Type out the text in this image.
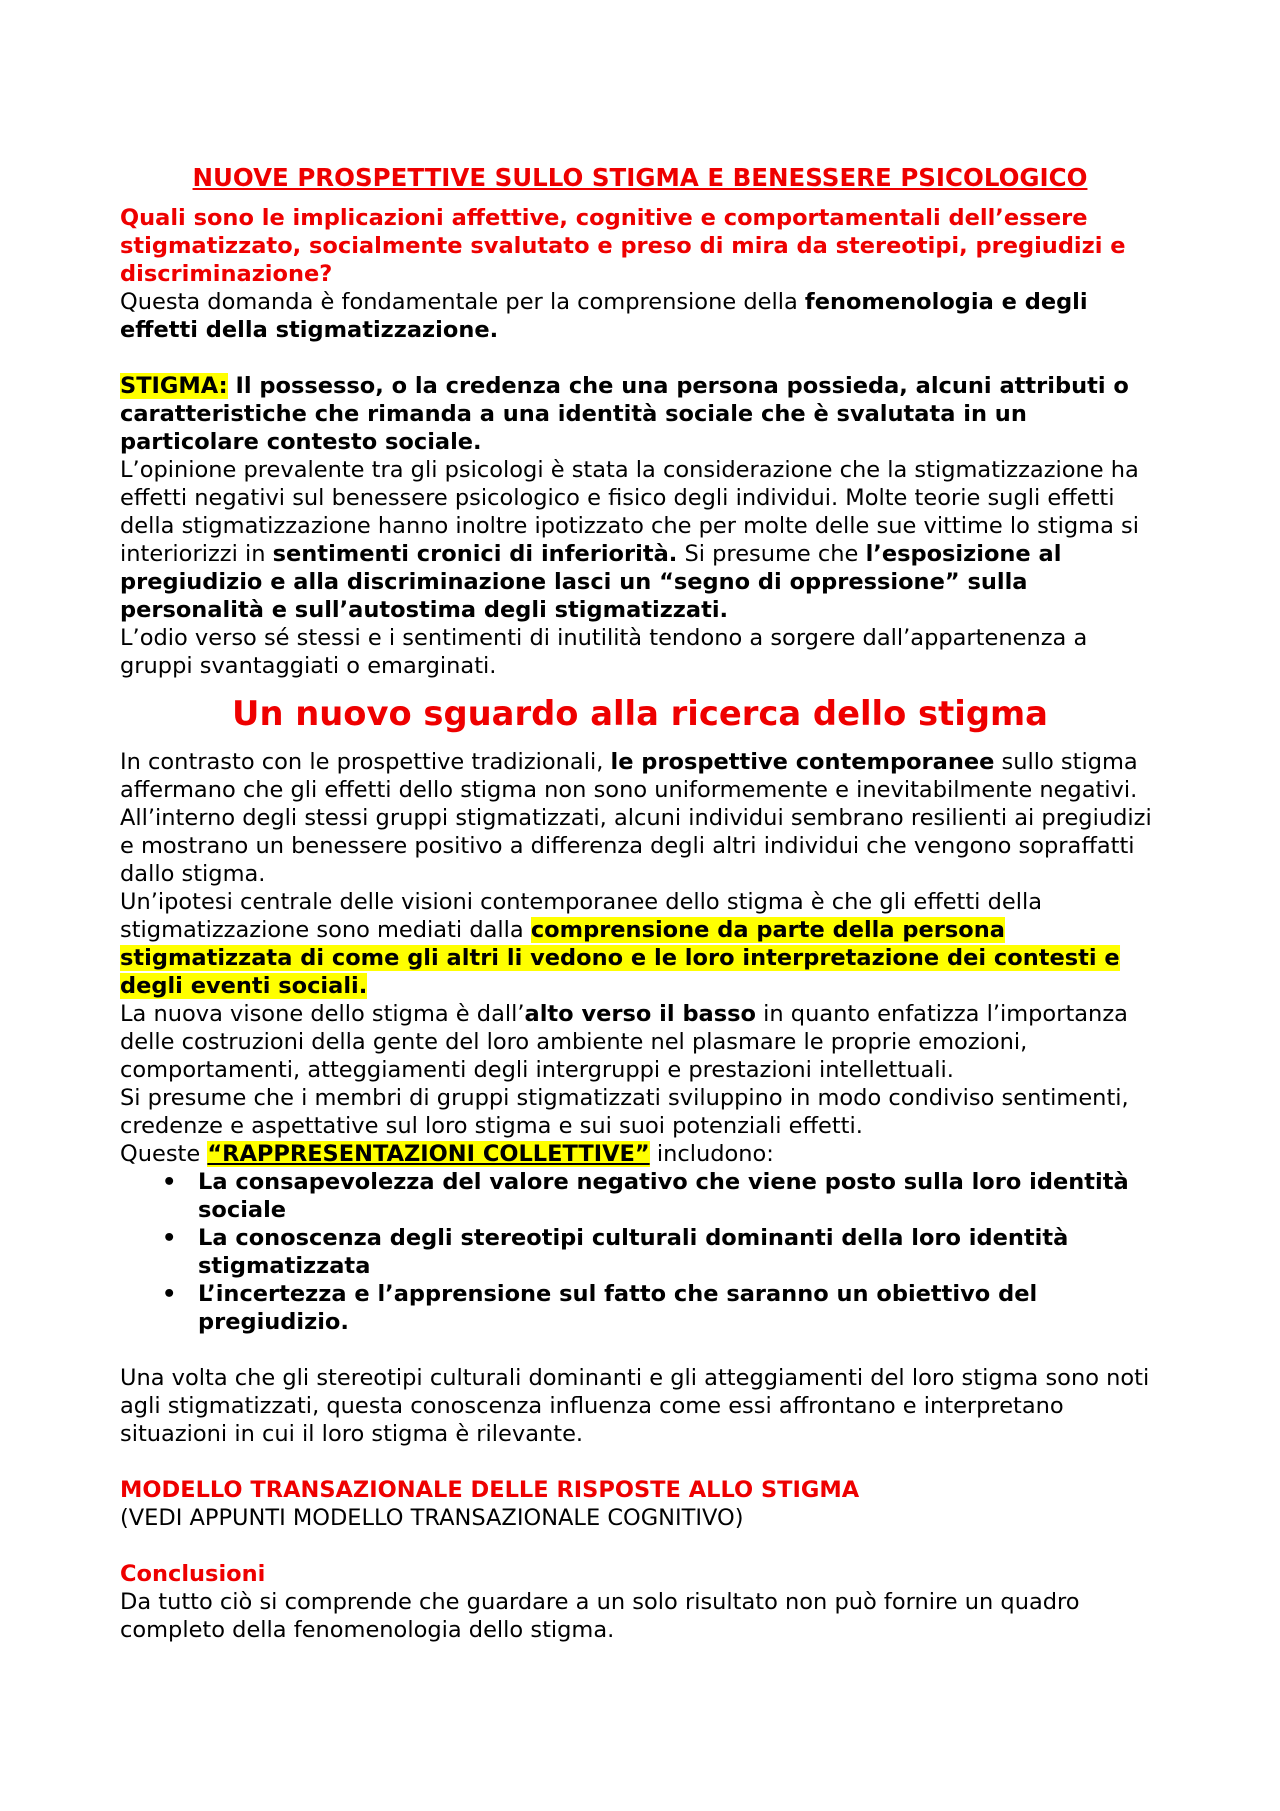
NUOVE PROSPETTIVE SULLO STIGMA E BENESSERE PSICOLOGICO

Quali sono le implicazioni affettive, cognitive e comportamentali dell’essere stigmatizzato, socialmente svalutato e preso di mira da stereotipi, pregiudizi e discriminazione?

Questa domanda è fondamentale per la comprensione della fenomenologia e degli effetti della stigmatizzazione.

STIGMA: Il possesso, o la credenza che una persona possieda, alcuni attributi o caratteristiche che rimanda a una identità sociale che è svalutata in un particolare contesto sociale.

L’opinione prevalente tra gli psicologi è stata la considerazione che la stigmatizzazione ha effetti negativi sul benessere psicologico e fisico degli individui. Molte teorie sugli effetti della stigmatizzazione hanno inoltre ipotizzato che per molte delle sue vittime lo stigma si interiorizzi in sentimenti cronici di inferiorità. Si presume che l’esposizione al pregiudizio e alla discriminazione lasci un “segno di oppressione” sulla personalità e sull’autostima degli stigmatizzati.

L’odio verso sé stessi e i sentimenti di inutilità tendono a sorgere dall’appartenenza a gruppi svantaggiati o emarginati.

Un nuovo sguardo alla ricerca dello stigma

In contrasto con le prospettive tradizionali, le prospettive contemporanee sullo stigma affermano che gli effetti dello stigma non sono uniformemente e inevitabilmente negativi.

All’interno degli stessi gruppi stigmatizzati, alcuni individui sembrano resilienti ai pregiudizi e mostrano un benessere positivo a differenza degli altri individui che vengono sopraffatti dallo stigma.

Un’ipotesi centrale delle visioni contemporanee dello stigma è che gli effetti della stigmatizzazione sono mediati dalla comprensione da parte della persona stigmatizzata di come gli altri li vedono e le loro interpretazione dei contesti e degli eventi sociali.

La nuova visone dello stigma è dall’alto verso il basso in quanto enfatizza l’importanza delle costruzioni della gente del loro ambiente nel plasmare le proprie emozioni, comportamenti, atteggiamenti degli intergruppi e prestazioni intellettuali.

Si presume che i membri di gruppi stigmatizzati sviluppino in modo condiviso sentimenti, credenze e aspettative sul loro stigma e sui suoi potenziali effetti.

Queste “RAPPRESENTAZIONI COLLETTIVE” includono:

• La consapevolezza del valore negativo che viene posto sulla loro identità sociale
• La conoscenza degli stereotipi culturali dominanti della loro identità stigmatizzata
• L’incertezza e l’apprensione sul fatto che saranno un obiettivo del pregiudizio.

Una volta che gli stereotipi culturali dominanti e gli atteggiamenti del loro stigma sono noti agli stigmatizzati, questa conoscenza influenza come essi affrontano e interpretano situazioni in cui il loro stigma è rilevante.

MODELLO TRANSAZIONALE DELLE RISPOSTE ALLO STIGMA

(VEDI APPUNTI MODELLO TRANSAZIONALE COGNITIVO)

Conclusioni

Da tutto ciò si comprende che guardare a un solo risultato non può fornire un quadro completo della fenomenologia dello stigma.
